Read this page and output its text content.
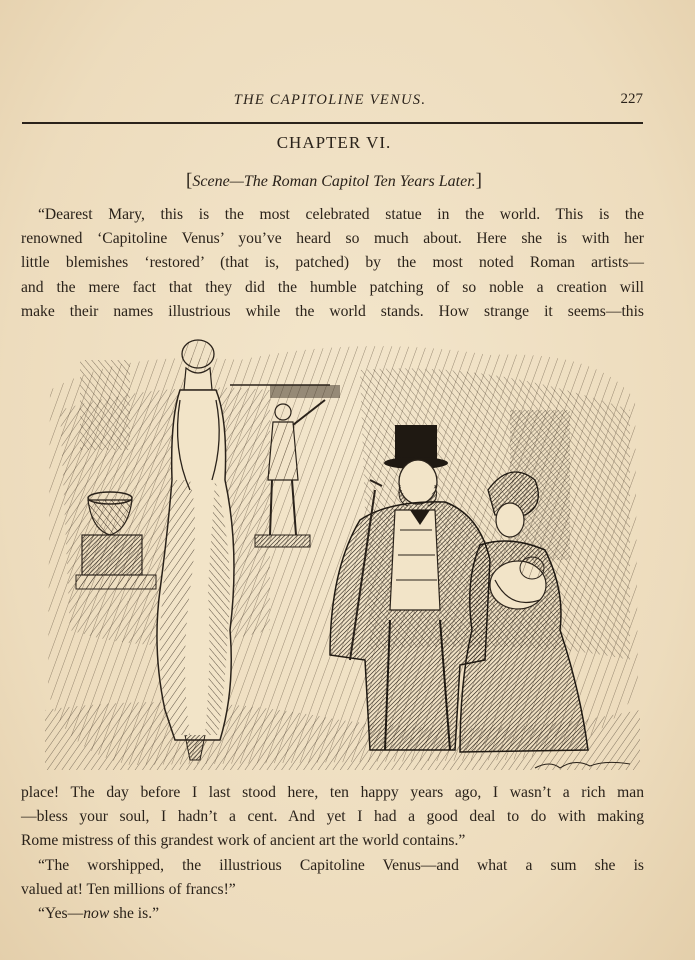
THE CAPITOLINE VENUS.	227
CHAPTER VI.
[Scene—The Roman Capitol Ten Years Later.]
“Dearest Mary, this is the most celebrated statue in the world. This is the
renowned ‘Capitoline Venus’ you’ve heard so much about. Here she is with her
little blemishes ‘restored’ (that is, patched) by the most noted Roman artists—
and the mere fact that they did the humble patching of so noble a creation will
make their names illustrious while the world stands. How strange it seems—this
place! The day before I last stood here, ten happy years ago, I wasn’t a rich man
—bless your soul, I hadn’t a cent. And yet I had a good deal to do with making
Rome mistress of this grandest work of ancient art the world contains.”
“The worshipped, the illustrious Capitoline Venus—and what a sum she is
valued at! Ten millions of francs!”
“Yes—now she is.”
